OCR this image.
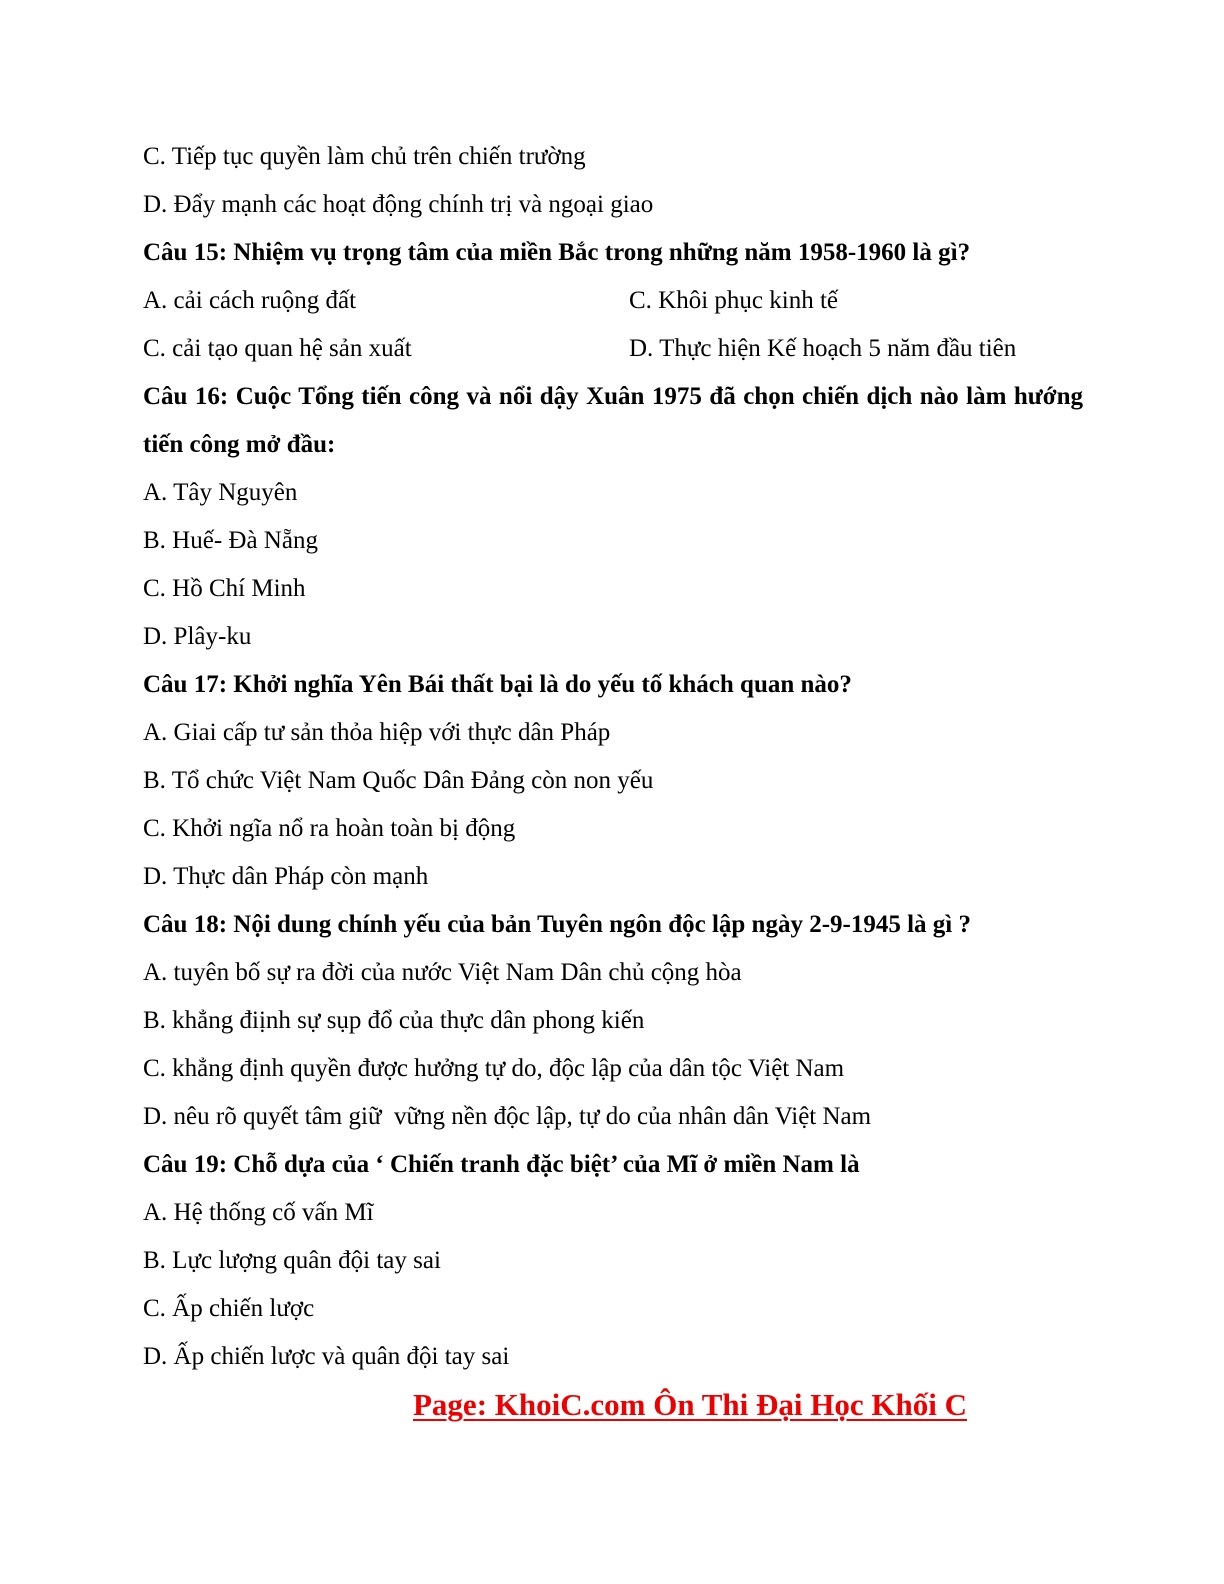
C. Tiếp tục quyền làm chủ trên chiến trường
D. Đẩy mạnh các hoạt động chính trị và ngoại giao
Câu 15: Nhiệm vụ trọng tâm của miền Bắc trong những năm 1958-1960 là gì?
A. cải cách ruộng đất	C. Khôi phục kinh tế
C. cải tạo quan hệ sản xuất	D. Thực hiện Kế hoạch 5 năm đầu tiên
Câu 16: Cuộc Tổng tiến công và nổi dậy Xuân 1975 đã chọn chiến dịch nào làm hướng tiến công mở đầu:
A. Tây Nguyên
B. Huế- Đà Nẵng
C. Hồ Chí Minh
D. Plây-ku
Câu 17: Khởi nghĩa Yên Bái thất bại là do yếu tố khách quan nào?
A. Giai cấp tư sản thỏa hiệp với thực dân Pháp
B. Tổ chức Việt Nam Quốc Dân Đảng còn non yếu
C. Khởi ngĩa nổ ra hoàn toàn bị động
D. Thực dân Pháp còn mạnh
Câu 18: Nội dung chính yếu của bản Tuyên ngôn độc lập ngày 2-9-1945 là gì ?
A. tuyên bố sự ra đời của nước Việt Nam Dân chủ cộng hòa
B. khẳng điịnh sự sụp đổ của thực dân phong kiến
C. khẳng định quyền được hưởng tự do, độc lập của dân tộc Việt Nam
D. nêu rõ quyết tâm giữ  vững nền độc lập, tự do của nhân dân Việt Nam
Câu 19: Chỗ dựa của ‘ Chiến tranh đặc biệt’ của Mĩ ở miền Nam là
A. Hệ thống cố vấn Mĩ
B. Lực lượng quân đội tay sai
C. Ấp chiến lược
D. Ấp chiến lược và quân đội tay sai
Page: KhoiC.com Ôn Thi Đại Học Khối C
